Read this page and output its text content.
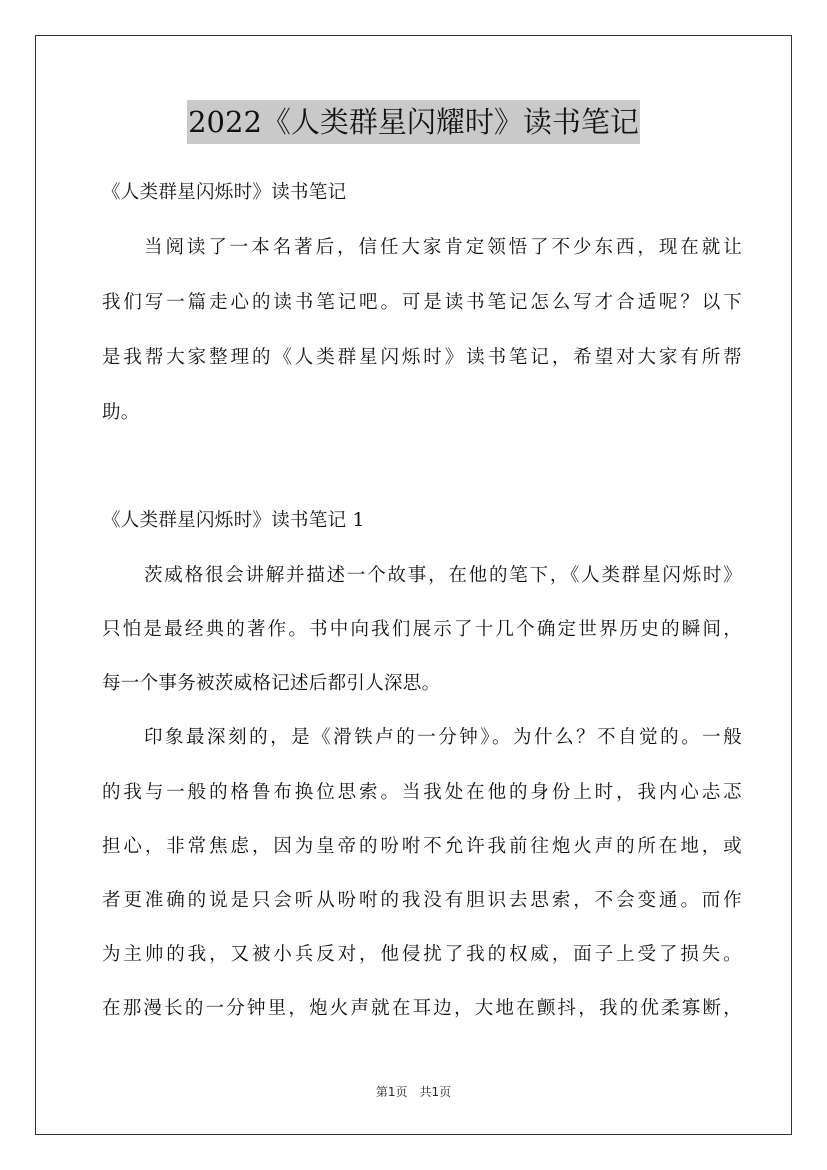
2022《人类群星闪耀时》读书笔记
《人类群星闪烁时》读书笔记
当阅读了一本名著后，信任大家肯定领悟了不少东西，现在就让
我们写一篇走心的读书笔记吧。可是读书笔记怎么写才合适呢？以下
是我帮大家整理的《人类群星闪烁时》读书笔记，希望对大家有所帮
助。
《人类群星闪烁时》读书笔记 1
茨威格很会讲解并描述一个故事，在他的笔下，《人类群星闪烁时》
只怕是最经典的著作。书中向我们展示了十几个确定世界历史的瞬间，
每一个事务被茨威格记述后都引人深思。
印象最深刻的，是《滑铁卢的一分钟》。为什么？不自觉的。一般
的我与一般的格鲁布换位思索。当我处在他的身份上时，我内心忐忑
担心，非常焦虑，因为皇帝的吩咐不允许我前往炮火声的所在地，或
者更准确的说是只会听从吩咐的我没有胆识去思索，不会变通。而作
为主帅的我，又被小兵反对，他侵扰了我的权威，面子上受了损失。
在那漫长的一分钟里，炮火声就在耳边，大地在颤抖，我的优柔寡断，
第1页　共1页
